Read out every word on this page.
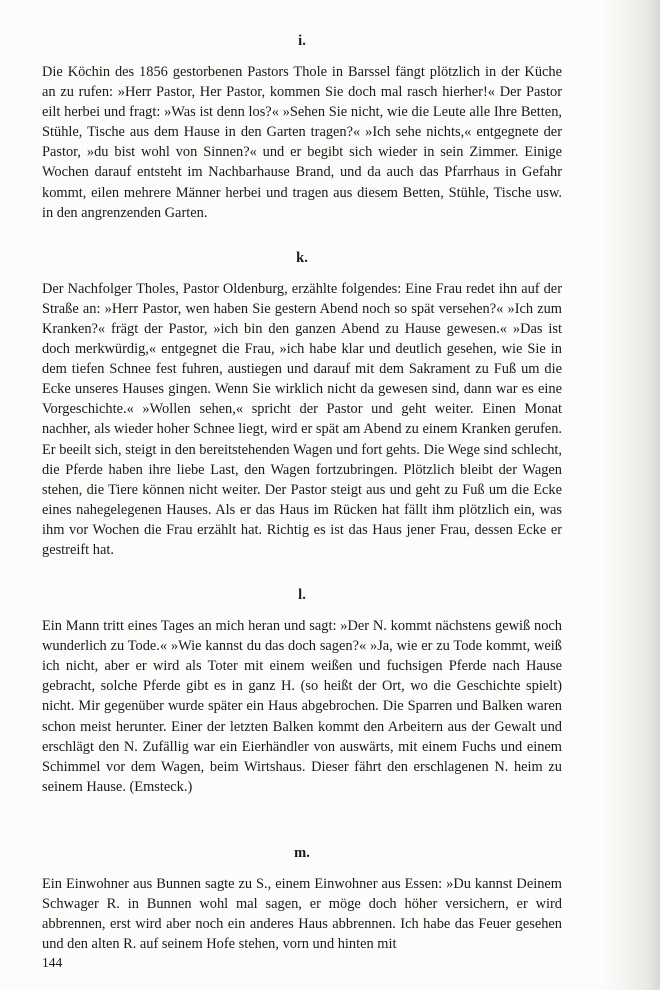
i.

Die Köchin des 1856 gestorbenen Pastors Thole in Barssel fängt plötzlich in der Küche an zu rufen: »Herr Pastor, Her Pastor, kommen Sie doch mal rasch hierher!« Der Pastor eilt herbei und fragt: »Was ist denn los?« »Sehen Sie nicht, wie die Leute alle Ihre Betten, Stühle, Tische aus dem Hause in den Garten tragen?« »Ich sehe nichts,« entgegnete der Pastor, »du bist wohl von Sinnen?« und er begibt sich wieder in sein Zimmer. Einige Wochen darauf entsteht im Nachbarhause Brand, und da auch das Pfarrhaus in Gefahr kommt, eilen mehrere Männer herbei und tragen aus diesem Betten, Stühle, Tische usw. in den angrenzenden Garten.

k.

Der Nachfolger Tholes, Pastor Oldenburg, erzählte folgendes: Eine Frau redet ihn auf der Straße an: »Herr Pastor, wen haben Sie gestern Abend noch so spät versehen?« »Ich zum Kranken?« frägt der Pastor, »ich bin den ganzen Abend zu Hause gewesen.« »Das ist doch merkwürdig,« entgegnet die Frau, »ich habe klar und deutlich gesehen, wie Sie in dem tiefen Schnee fest fuhren, austiegen und darauf mit dem Sakrament zu Fuß um die Ecke unseres Hauses gingen. Wenn Sie wirklich nicht da gewesen sind, dann war es eine Vorgeschichte.« »Wollen sehen,« spricht der Pastor und geht weiter. Einen Monat nachher, als wieder hoher Schnee liegt, wird er spät am Abend zu einem Kranken gerufen. Er beeilt sich, steigt in den bereitstehenden Wagen und fort gehts. Die Wege sind schlecht, die Pferde haben ihre liebe Last, den Wagen fortzubringen. Plötzlich bleibt der Wagen stehen, die Tiere können nicht weiter. Der Pastor steigt aus und geht zu Fuß um die Ecke eines nahegelegenen Hauses. Als er das Haus im Rücken hat fällt ihm plötzlich ein, was ihm vor Wochen die Frau erzählt hat. Richtig es ist das Haus jener Frau, dessen Ecke er gestreift hat.

l.

Ein Mann tritt eines Tages an mich heran und sagt: »Der N. kommt nächstens gewiß noch wunderlich zu Tode.« »Wie kannst du das doch sagen?« »Ja, wie er zu Tode kommt, weiß ich nicht, aber er wird als Toter mit einem weißen und fuchsigen Pferde nach Hause gebracht, solche Pferde gibt es in ganz H. (so heißt der Ort, wo die Geschichte spielt) nicht. Mir gegenüber wurde später ein Haus abgebrochen. Die Sparren und Balken waren schon meist herunter. Einer der letzten Balken kommt den Arbeitern aus der Gewalt und erschlägt den N. Zufällig war ein Eierhändler von auswärts, mit einem Fuchs und einem Schimmel vor dem Wagen, beim Wirtshaus. Dieser fährt den erschlagenen N. heim zu seinem Hause. (Emsteck.)

m.

Ein Einwohner aus Bunnen sagte zu S., einem Einwohner aus Essen: »Du kannst Deinem Schwager R. in Bunnen wohl mal sagen, er möge doch höher versichern, er wird abbrennen, erst wird aber noch ein anderes Haus abbrennen. Ich habe das Feuer gesehen und den alten R. auf seinem Hofe stehen, vorn und hinten mit

144
